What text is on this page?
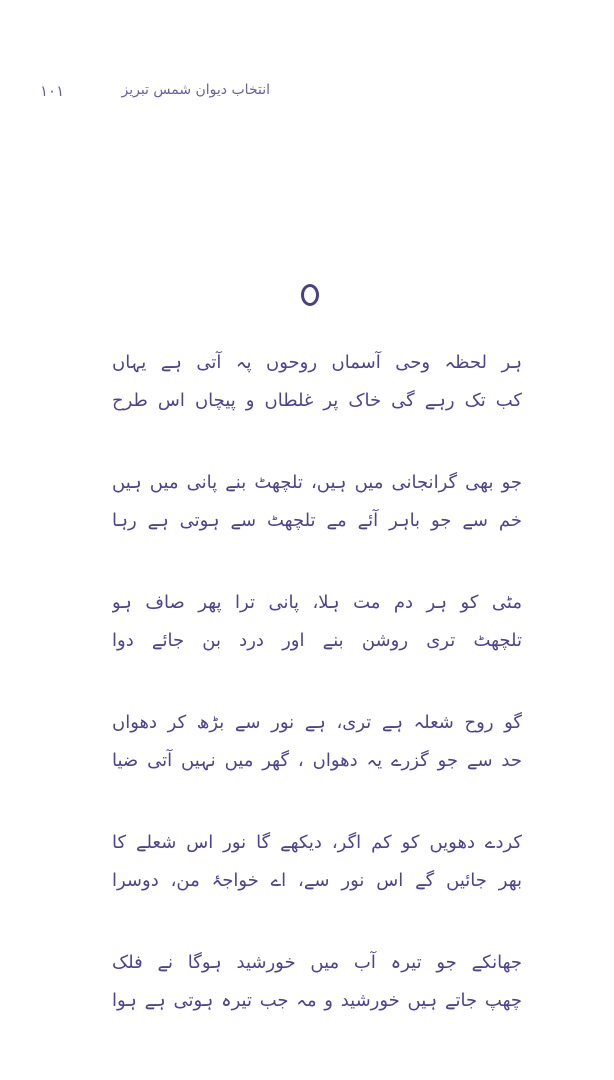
۱۰۱	انتخاب دیوان شمس تبریز
ہر لحظہ وحی آسماں روحوں پہ آتی ہے یہاں
کب تک رہے گی خاک پر غلطاں و پیچاں اس طرح
جو بھی گرانجانی میں ہیں، تلچھٹ بنے پانی میں ہیں
خم سے جو باہر آئے مے تلچھٹ سے ہوتی ہے رہا
مٹی کو ہر دم مت ہلا، پانی ترا پھر صاف ہو
تلچھٹ تری روشن بنے اور درد بن جائے دوا
گو روح شعلہ ہے تری، ہے نور سے بڑھ کر دھواں
حد سے جو گزرے یہ دھواں ، گھر میں نہیں آتی ضیا
کردے دھویں کو کم اگر، دیکھے گا نور اس شعلے کا
بھر جائیں گے اس نور سے، اے خواجۂ من، دوسرا
جھانکے جو تیرہ آب میں خورشید ہوگا نے فلک
چھپ جاتے ہیں خورشید و مہ جب تیرہ ہوتی ہے ہوا
